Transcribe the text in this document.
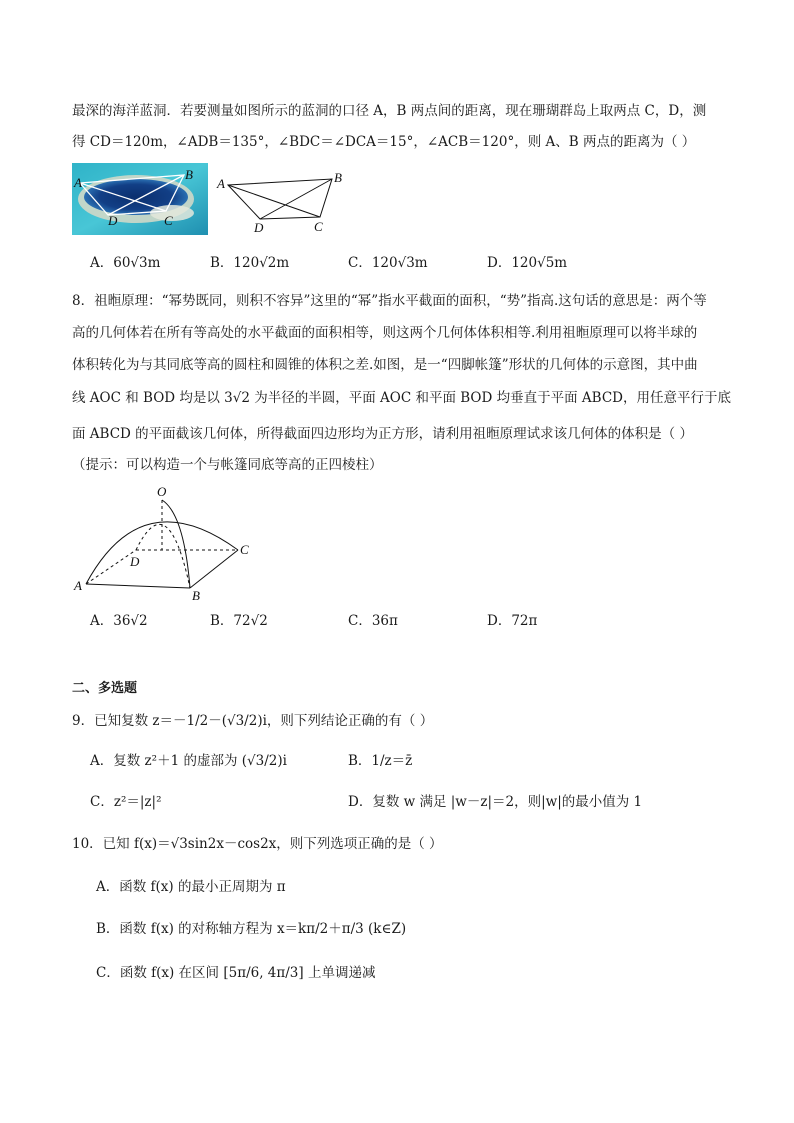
最深的海洋蓝洞．若要测量如图所示的蓝洞的口径 A，B 两点间的距离，现在珊瑚群岛上取两点 C，D，测
得 CD＝120m，∠ADB＝135°，∠BDC＝∠DCA＝15°，∠ACB＝120°，则 A、B 两点的距离为（ ）
A
B
C
D
A	B
C
D
A．60√3m	B．120√2m	C．120√3m	D．120√5m
8．祖暅原理：“幂势既同，则积不容异”这里的“幂”指水平截面的面积，“势”指高.这句话的意思是：两个等
高的几何体若在所有等高处的水平截面的面积相等，则这两个几何体体积相等.利用祖暅原理可以将半球的
体积转化为与其同底等高的圆柱和圆锥的体积之差.如图，是一“四脚帐篷”形状的几何体的示意图，其中曲
线 AOC 和 BOD 均是以 3√2 为半径的半圆，平面 AOC 和平面 BOD 均垂直于平面 ABCD，用任意平行于底
面 ABCD 的平面截该几何体，所得截面四边形均为正方形，请利用祖暅原理试求该几何体的体积是（ ）
（提示：可以构造一个与帐篷同底等高的正四棱柱）
O
A
B
C
D
A．36√2	B．72√2	C．36π	D．72π
二、多选题
9．已知复数 z＝－1/2－(√3/2)i，则下列结论正确的有（ ）
A．复数 z²＋1 的虚部为 (√3/2)i	B．1/z＝z̄
C．z²＝|z|²	D．复数 w 满足 |w－z|＝2，则|w|的最小值为 1
10．已知 f(x)＝√3sin2x－cos2x，则下列选项正确的是（ ）
A．函数 f(x) 的最小正周期为 π
B．函数 f(x) 的对称轴方程为 x＝kπ/2＋π/3 (k∈Z)
C．函数 f(x) 在区间 [5π/6, 4π/3] 上单调递减
